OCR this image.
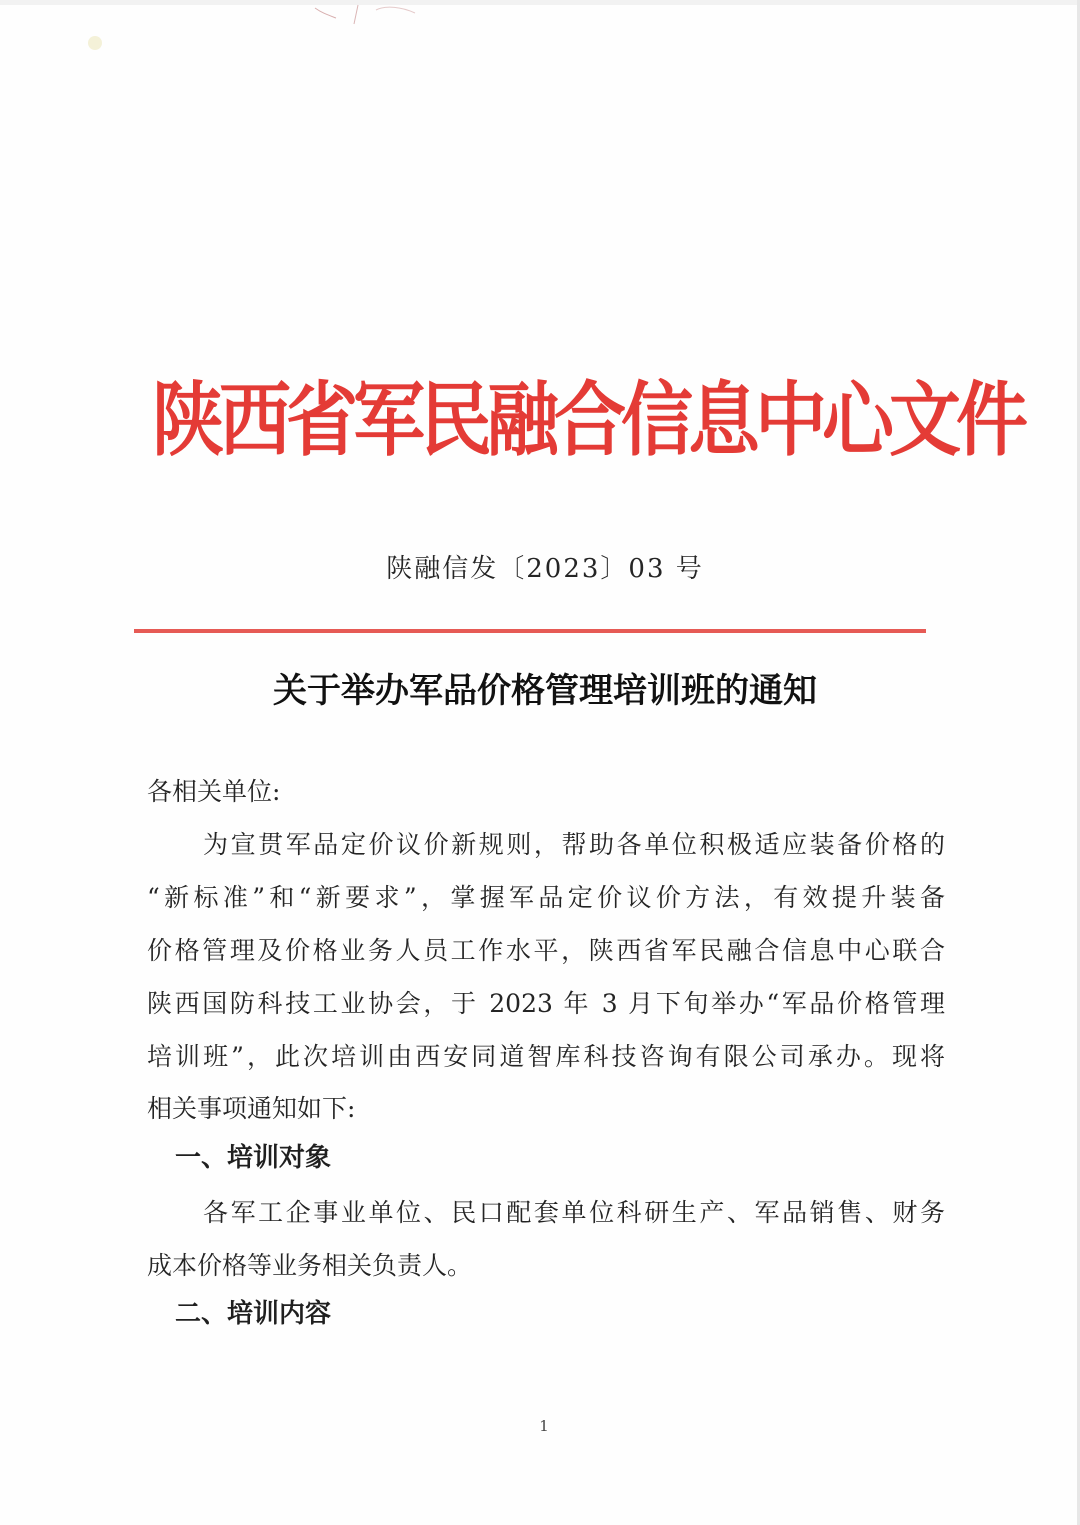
陕西省军民融合信息中心文件
陕融信发〔2023〕03 号
关于举办军品价格管理培训班的通知
各相关单位:
为宣贯军品定价议价新规则，帮助各单位积极适应装备价格的
“新标准”和“新要求”，掌握军品定价议价方法，有效提升装备
价格管理及价格业务人员工作水平，陕西省军民融合信息中心联合
陕西国防科技工业协会，于 2023 年 3 月下旬举办“军品价格管理
培训班”，此次培训由西安同道智库科技咨询有限公司承办。现将
相关事项通知如下:
一、培训对象
各军工企事业单位、民口配套单位科研生产、军品销售、财务
成本价格等业务相关负责人。
二、培训内容
1
